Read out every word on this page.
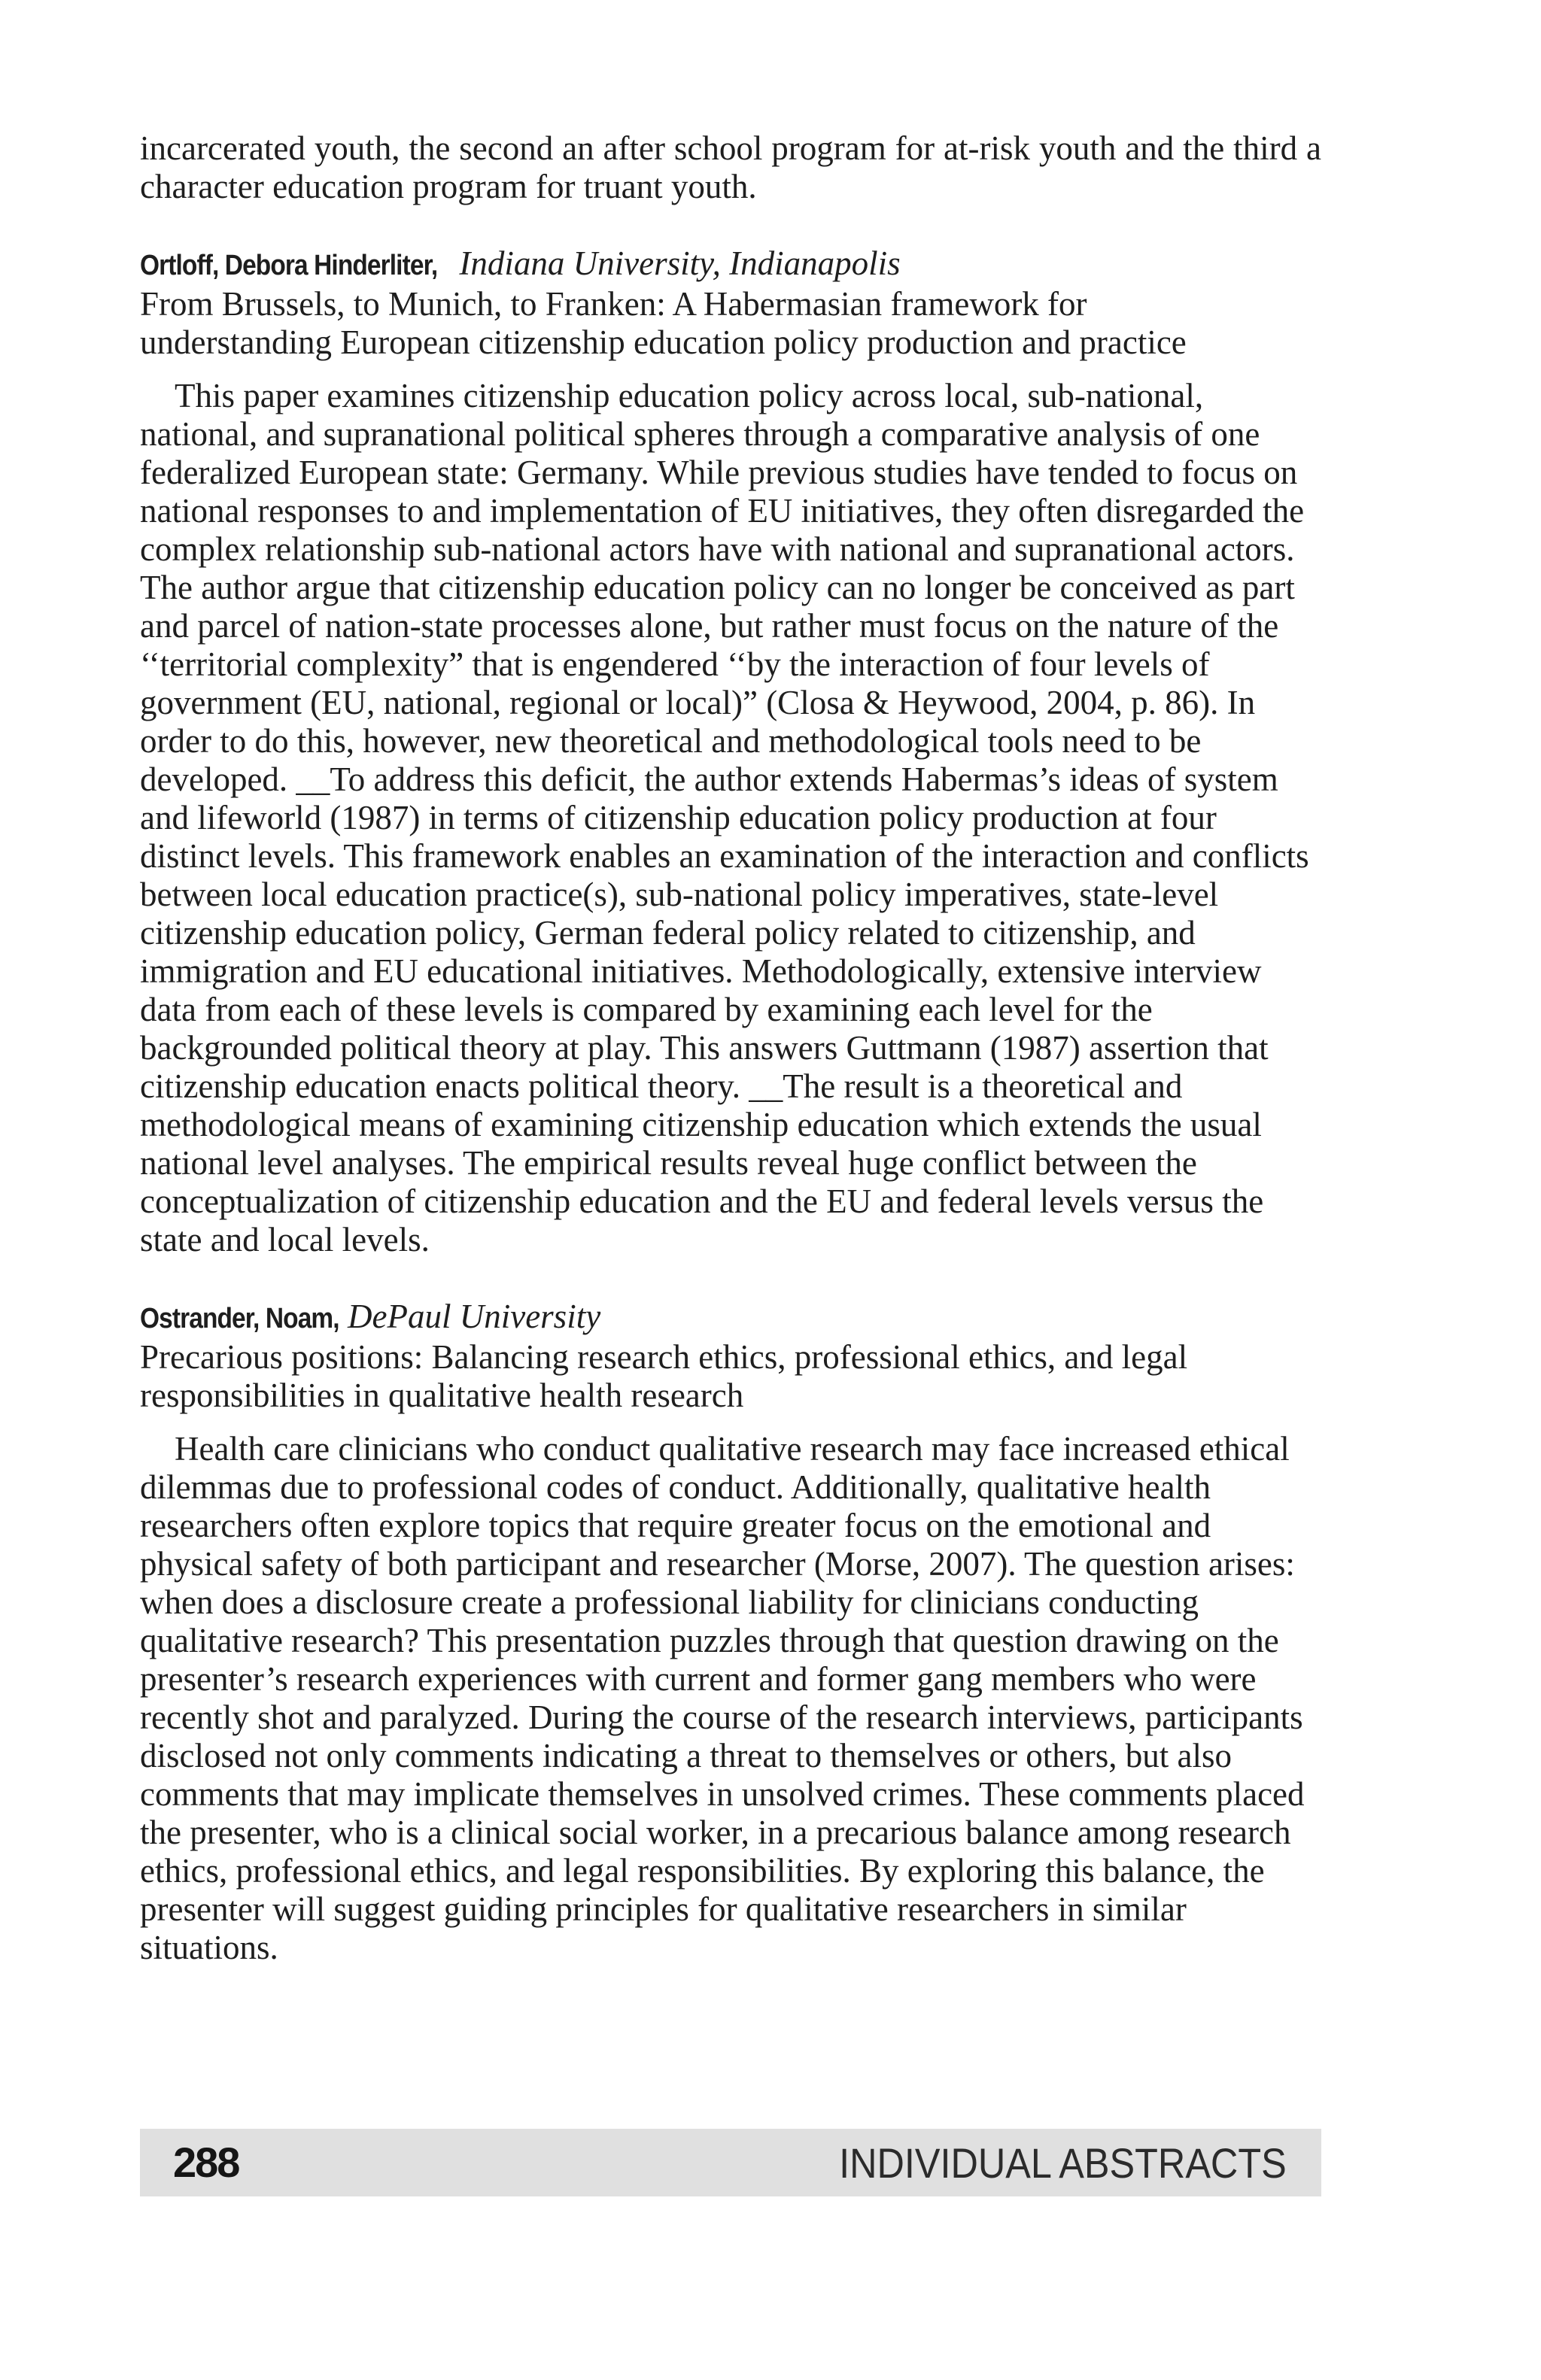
incarcerated youth, the second an after school program for at-risk youth and the third a character education program for truant youth.

Ortloff, Debora Hinderliter, Indiana University, Indianapolis

From Brussels, to Munich, to Franken: A Habermasian framework for

understanding European citizenship education policy production and practice

This paper examines citizenship education policy across local, sub-national, national, and supranational political spheres through a comparative analysis of one federalized European state: Germany. While previous studies have tended to focus on national responses to and implementation of EU initiatives, they often disregarded the complex relationship sub-national actors have with national and supranational actors. The author argue that citizenship education policy can no longer be conceived as part and parcel of nation-state processes alone, but rather must focus on the nature of the ‘‘territorial complexity” that is engendered ‘‘by the interaction of four levels of government (EU, national, regional or local)” (Closa & Heywood, 2004, p. 86). In order to do this, however, new theoretical and methodological tools need to be developed. __To address this deficit, the author extends Habermas’s ideas of system and lifeworld (1987) in terms of citizenship education policy production at four distinct levels. This framework enables an examination of the interaction and conflicts between local education practice(s), sub-national policy imperatives, state-level citizenship education policy, German federal policy related to citizenship, and immigration and EU educational initiatives. Methodologically, extensive interview data from each of these levels is compared by examining each level for the backgrounded political theory at play. This answers Guttmann (1987) assertion that citizenship education enacts political theory. __The result is a theoretical and methodological means of examining citizenship education which extends the usual national level analyses. The empirical results reveal huge conflict between the conceptualization of citizenship education and the EU and federal levels versus the state and local levels.

Ostrander, Noam, DePaul University

Precarious positions: Balancing research ethics, professional ethics, and legal

responsibilities in qualitative health research

Health care clinicians who conduct qualitative research may face increased ethical dilemmas due to professional codes of conduct. Additionally, qualitative health researchers often explore topics that require greater focus on the emotional and physical safety of both participant and researcher (Morse, 2007). The question arises: when does a disclosure create a professional liability for clinicians conducting qualitative research? This presentation puzzles through that question drawing on the presenter’s research experiences with current and former gang members who were recently shot and paralyzed. During the course of the research interviews, participants disclosed not only comments indicating a threat to themselves or others, but also comments that may implicate themselves in unsolved crimes. These comments placed the presenter, who is a clinical social worker, in a precarious balance among research ethics, professional ethics, and legal responsibilities. By exploring this balance, the presenter will suggest guiding principles for qualitative researchers in similar situations.

288	INDIVIDUAL ABSTRACTS
